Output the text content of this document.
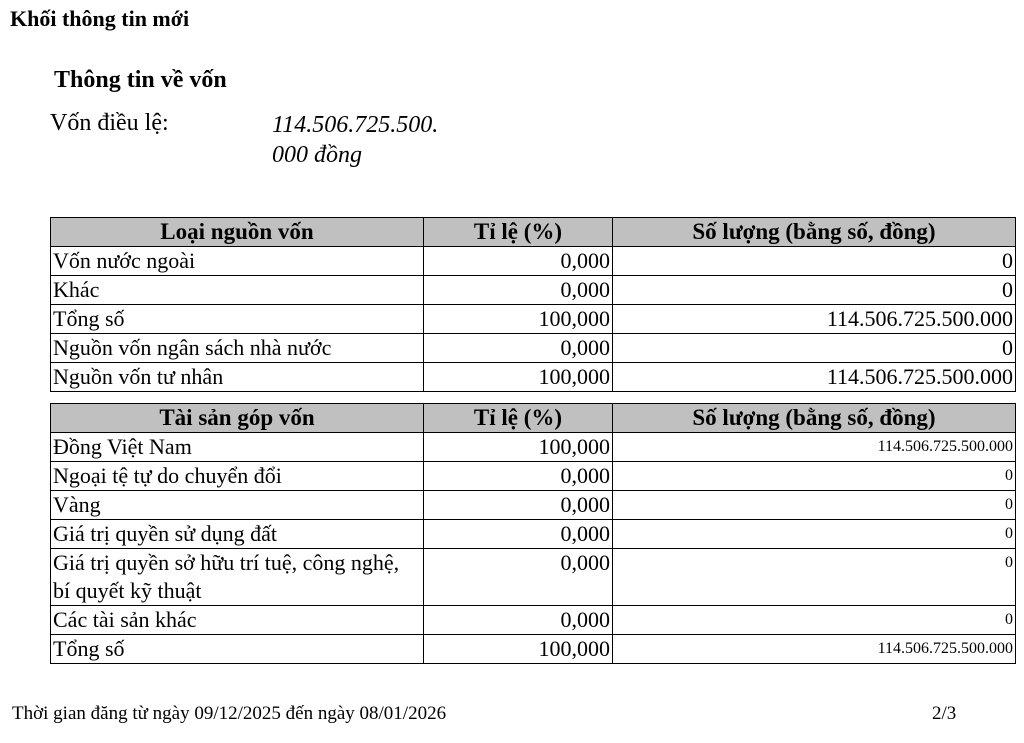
Khối thông tin mới
Thông tin về vốn
Vốn điều lệ:	114.506.725.500.
000 đồng
Loại nguồn vốn	Tỉ lệ (%)	Số lượng (bằng số, đồng)
Vốn nước ngoài	0,000	0
Khác	0,000	0
Tổng số	100,000	114.506.725.500.000
Nguồn vốn ngân sách nhà nước	0,000	0
Nguồn vốn tư nhân	100,000	114.506.725.500.000
Tài sản góp vốn	Tỉ lệ (%)	Số lượng (bằng số, đồng)
Đồng Việt Nam	100,000	114.506.725.500.000
Ngoại tệ tự do chuyển đổi	0,000	0
Vàng	0,000	0
Giá trị quyền sử dụng đất	0,000	0
Giá trị quyền sở hữu trí tuệ, công nghệ, bí quyết kỹ thuật	0,000	0
Các tài sản khác	0,000	0
Tổng số	100,000	114.506.725.500.000
Thời gian đăng từ ngày 09/12/2025 đến ngày 08/01/2026	2/3
